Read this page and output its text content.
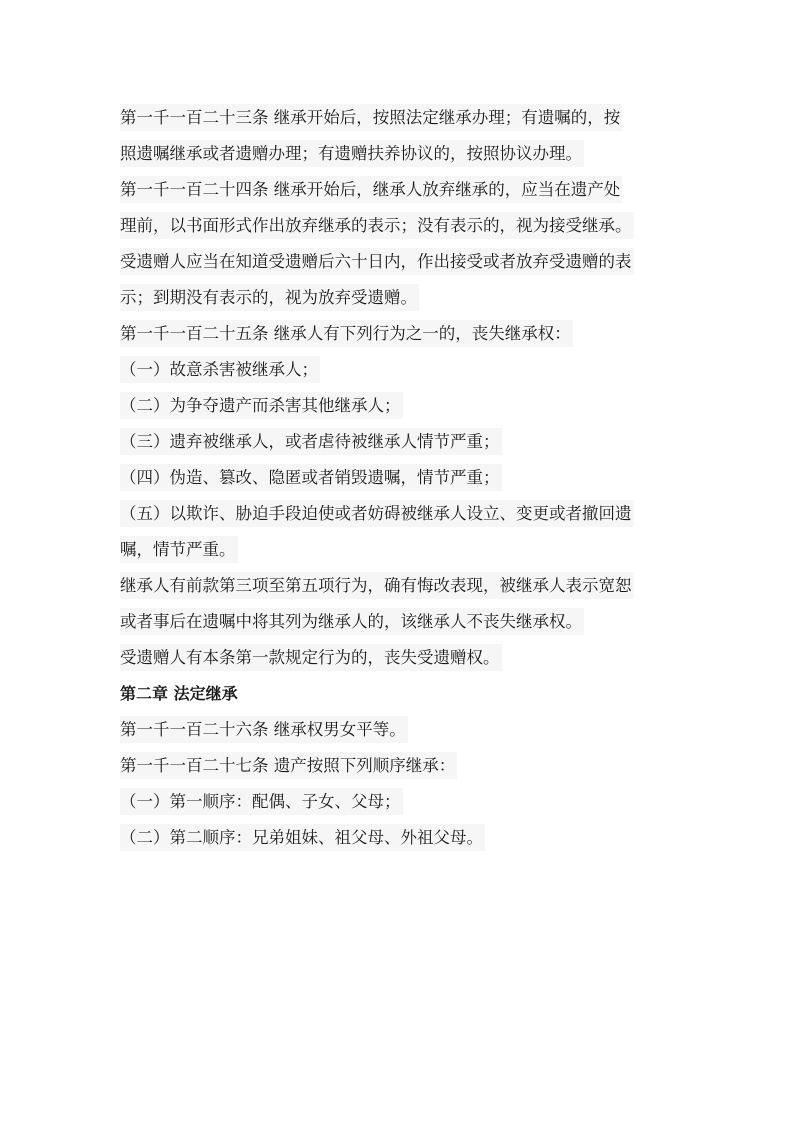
第一千一百二十三条 继承开始后，按照法定继承办理；有遗嘱的，按
照遗嘱继承或者遗赠办理；有遗赠扶养协议的，按照协议办理。
第一千一百二十四条 继承开始后，继承人放弃继承的，应当在遗产处
理前，以书面形式作出放弃继承的表示；没有表示的，视为接受继承。
受遗赠人应当在知道受遗赠后六十日内，作出接受或者放弃受遗赠的表
示；到期没有表示的，视为放弃受遗赠。
第一千一百二十五条 继承人有下列行为之一的，丧失继承权：
（一）故意杀害被继承人；
（二）为争夺遗产而杀害其他继承人；
（三）遗弃被继承人，或者虐待被继承人情节严重；
（四）伪造、篡改、隐匿或者销毁遗嘱，情节严重；
（五）以欺诈、胁迫手段迫使或者妨碍被继承人设立、变更或者撤回遗
嘱，情节严重。
继承人有前款第三项至第五项行为，确有悔改表现，被继承人表示宽恕
或者事后在遗嘱中将其列为继承人的，该继承人不丧失继承权。
受遗赠人有本条第一款规定行为的，丧失受遗赠权。
第二章 法定继承
第一千一百二十六条 继承权男女平等。
第一千一百二十七条 遗产按照下列顺序继承：
（一）第一顺序：配偶、子女、父母；
（二）第二顺序：兄弟姐妹、祖父母、外祖父母。
